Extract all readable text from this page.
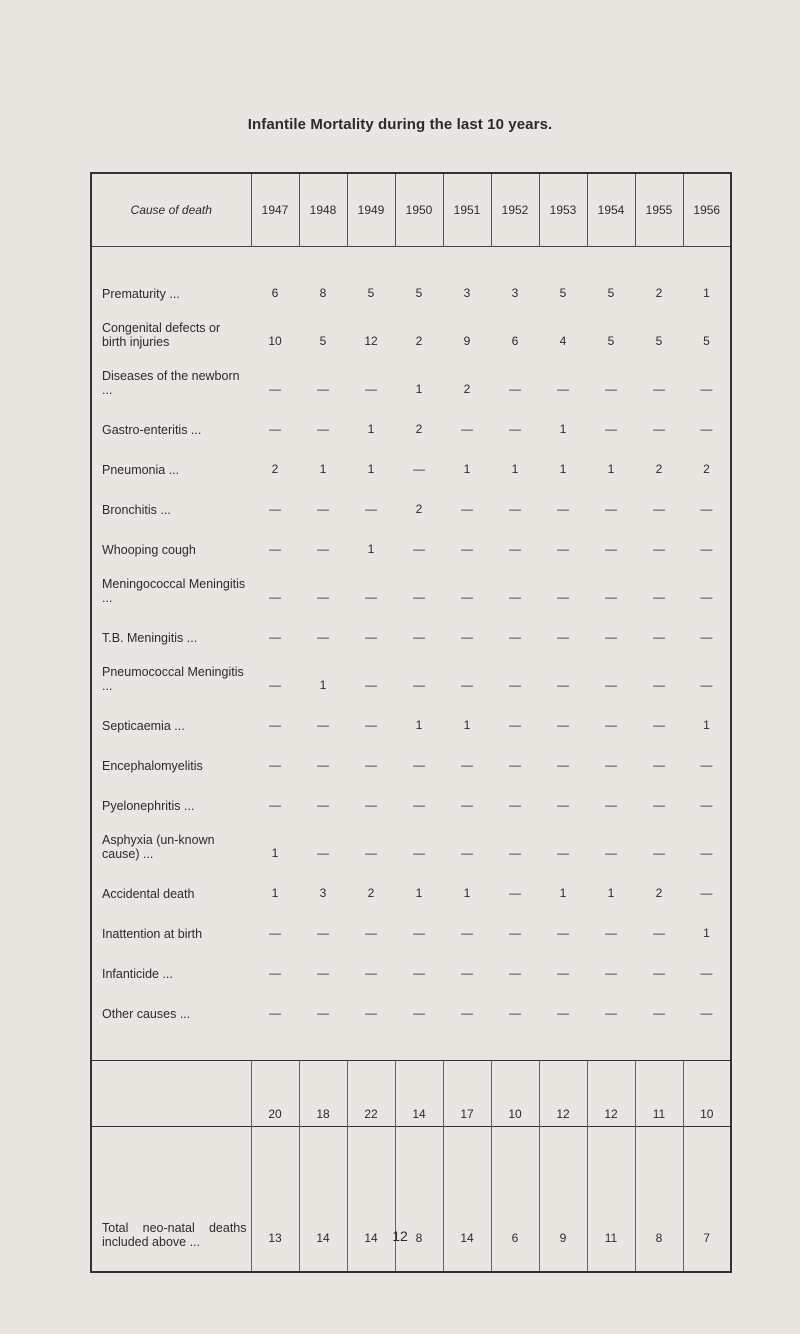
Infantile Mortality during the last 10 years.
Cause of death	1947	1948	1949	1950	1951	1952	1953	1954	1955	1956

Prematurity ...	6	8	5	5	3	3	5	5	2	1
Congenital defects or birth injuries	10	5	12	2	9	6	4	5	5	5
Diseases of the newborn ...	—	—	—	1	2	—	—	—	—	—
Gastro-enteritis ...	—	—	1	2	—	—	1	—	—	—
Pneumonia ...	2	1	1	—	1	1	1	1	2	2
Bronchitis ...	—	—	—	2	—	—	—	—	—	—
Whooping cough	—	—	1	—	—	—	—	—	—	—
Meningococcal Meningitis ...	—	—	—	—	—	—	—	—	—	—
T.B. Meningitis ...	—	—	—	—	—	—	—	—	—	—
Pneumococcal Meningitis ...	—	1	—	—	—	—	—	—	—	—
Septicaemia ...	—	—	—	1	1	—	—	—	—	1
Encephalomyelitis	—	—	—	—	—	—	—	—	—	—
Pyelonephritis ...	—	—	—	—	—	—	—	—	—	—
Asphyxia (un-known cause) ...	1	—	—	—	—	—	—	—	—	—
Accidental death	1	3	2	1	1	—	1	1	2	—
Inattention at birth	—	—	—	—	—	—	—	—	—	1
Infanticide ...	—	—	—	—	—	—	—	—	—	—
Other causes ...	—	—	—	—	—	—	—	—	—	—

	20	18	22	14	17	10	12	12	11	10
Total neo-natal deaths included above ...	13	14	14	8	14	6	9	11	8	7
12
